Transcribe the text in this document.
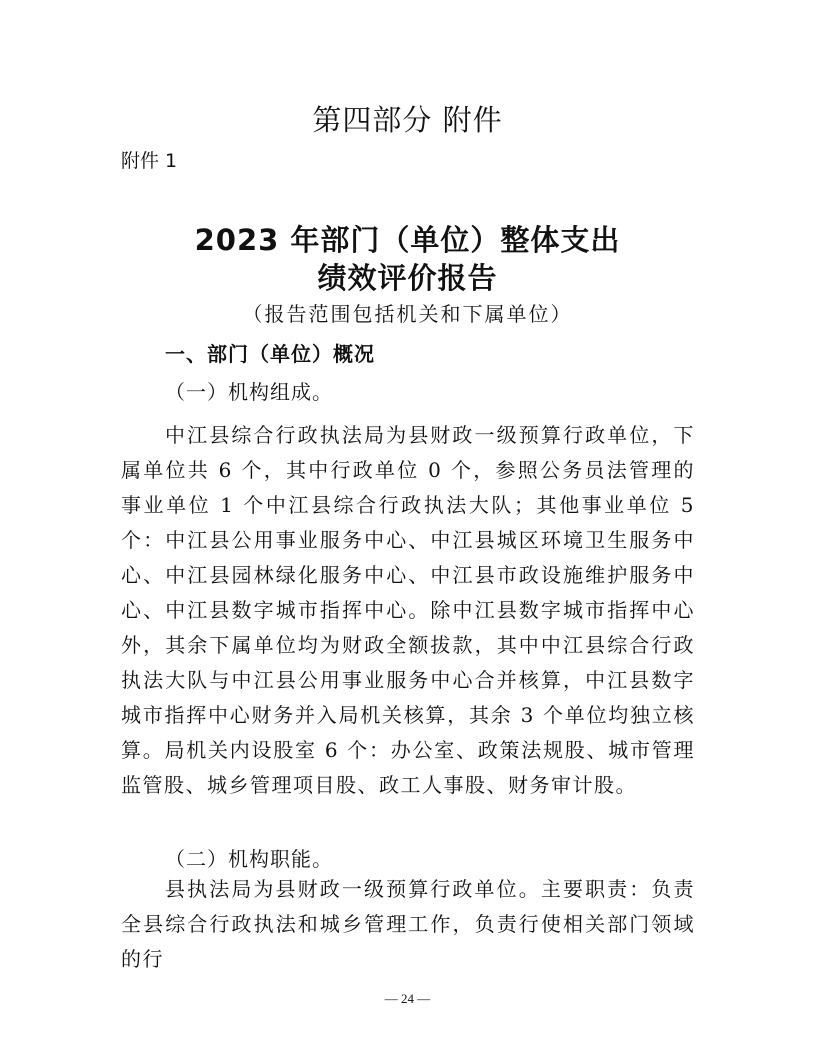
第四部分 附件

附件 1

2023 年部门（单位）整体支出
绩效评价报告

（报告范围包括机关和下属单位）

一、部门（单位）概况

（一）机构组成。

中江县综合行政执法局为县财政一级预算行政单位，下属单位共 6 个，其中行政单位 0 个，参照公务员法管理的事业单位 1 个中江县综合行政执法大队；其他事业单位 5 个：中江县公用事业服务中心、中江县城区环境卫生服务中心、中江县园林绿化服务中心、中江县市政设施维护服务中心、中江县数字城市指挥中心。除中江县数字城市指挥中心外，其余下属单位均为财政全额拔款，其中中江县综合行政执法大队与中江县公用事业服务中心合并核算，中江县数字城市指挥中心财务并入局机关核算，其余 3 个单位均独立核算。局机关内设股室 6 个：办公室、政策法规股、城市管理监管股、城乡管理项目股、政工人事股、财务审计股。

（二）机构职能。

县执法局为县财政一级预算行政单位。主要职责：负责全县综合行政执法和城乡管理工作，负责行使相关部门领域的行

— 24 —
